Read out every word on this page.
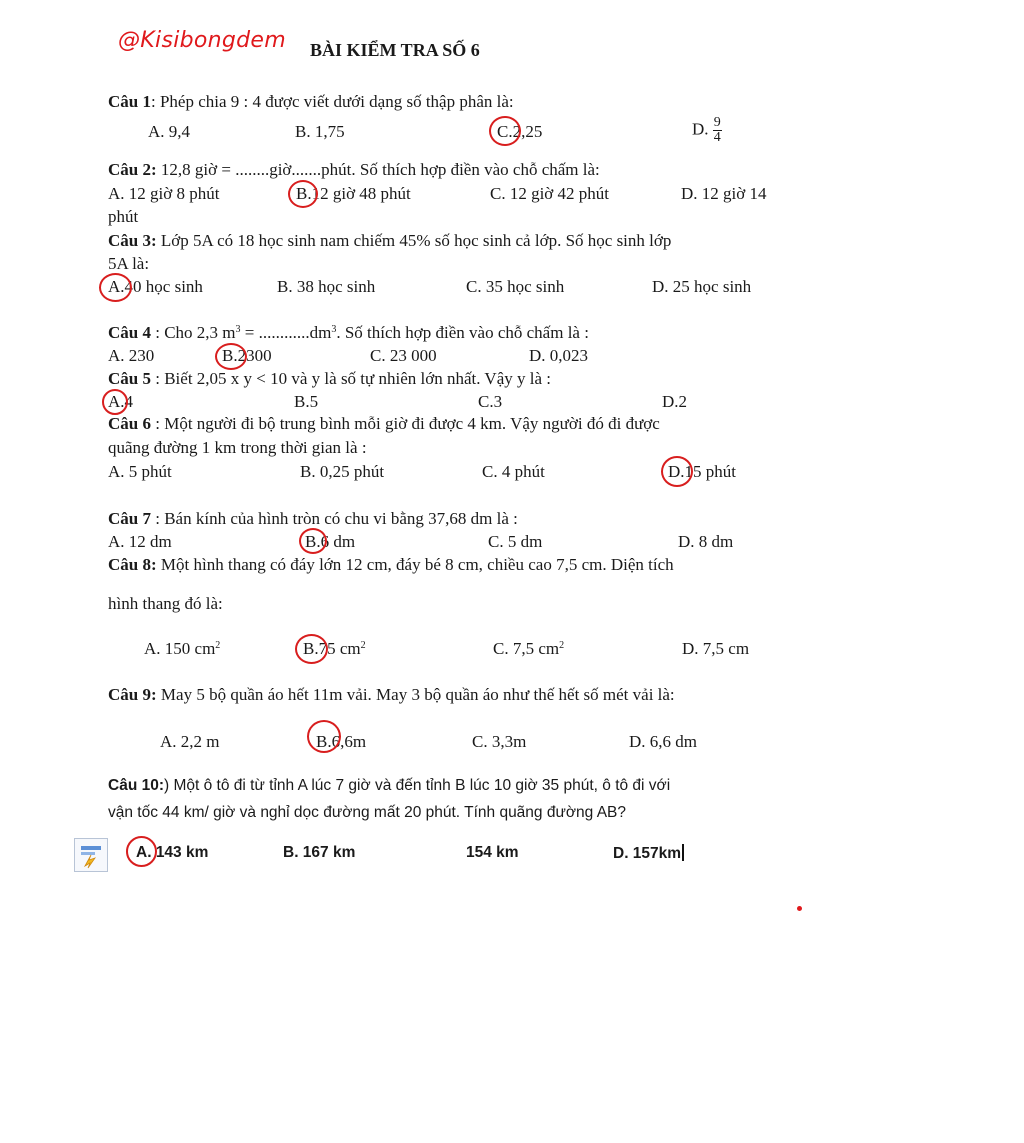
@Kisibongdem BÀI KIỂM TRA SỐ 6
Câu 1: Phép chia 9 : 4 được viết dưới dạng số thập phân là:
A. 9,4	B. 1,75	C.2,25	D. $\frac{9}{4}$
Câu 2: 12,8 giờ = ........giờ.......phút. Số thích hợp điền vào chỗ chấm là:
A. 12 giờ 8 phút	B.12 giờ 48 phút	C. 12 giờ 42 phút	D. 12 giờ 14
phút
Câu 3: Lớp 5A có 18 học sinh nam chiếm 45% số học sinh cả lớp. Số học sinh lớp
5A là:
A.40 học sinh	B. 38 học sinh	C. 35 học sinh	D. 25 học sinh
Câu 4 : Cho 2,3 $m^3 = ............dm^3$. Số thích hợp điền vào chỗ chấm là :
A. 230	B.2300	C. 23 000	D. 0,023
Câu 5 : Biết 2,05 x y < 10 và y là số tự nhiên lớn nhất. Vậy y là :
A.4	B.5	C.3	D.2
Câu 6 : Một người đi bộ trung bình mỗi giờ đi được 4 km. Vậy người đó đi được
quãng đường 1 km trong thời gian là :
A. 5 phút	B. 0,25 phút	C. 4 phút	D.15 phút
Câu 7 : Bán kính của hình tròn có chu vi bằng 37,68 dm là :
A. 12 dm	B.6 dm	C. 5 dm	D. 8 dm
Câu 8: Một hình thang có đáy lớn 12 cm, đáy bé 8 cm, chiều cao 7,5 cm. Diện tích
hình thang đó là:
A. 150 $cm^2$	B.75 $cm^2$	C. 7,5 $cm^2$	D. 7,5 cm
Câu 9: May 5 bộ quần áo hết 11m vải. May 3 bộ quần áo như thế hết số mét vải là:
A. 2,2 m	B.6,6m	C. 3,3m	D. 6,6 dm
Câu 10:) Một ô tô đi từ tỉnh A lúc 7 giờ và đến tỉnh B lúc 10 giờ 35 phút, ô tô đi với
vận tốc 44 km/ giờ và nghỉ dọc đường mất 20 phút. Tính quãng đường AB?
A. 143 km	B. 167 km	154 km	D. 157km
